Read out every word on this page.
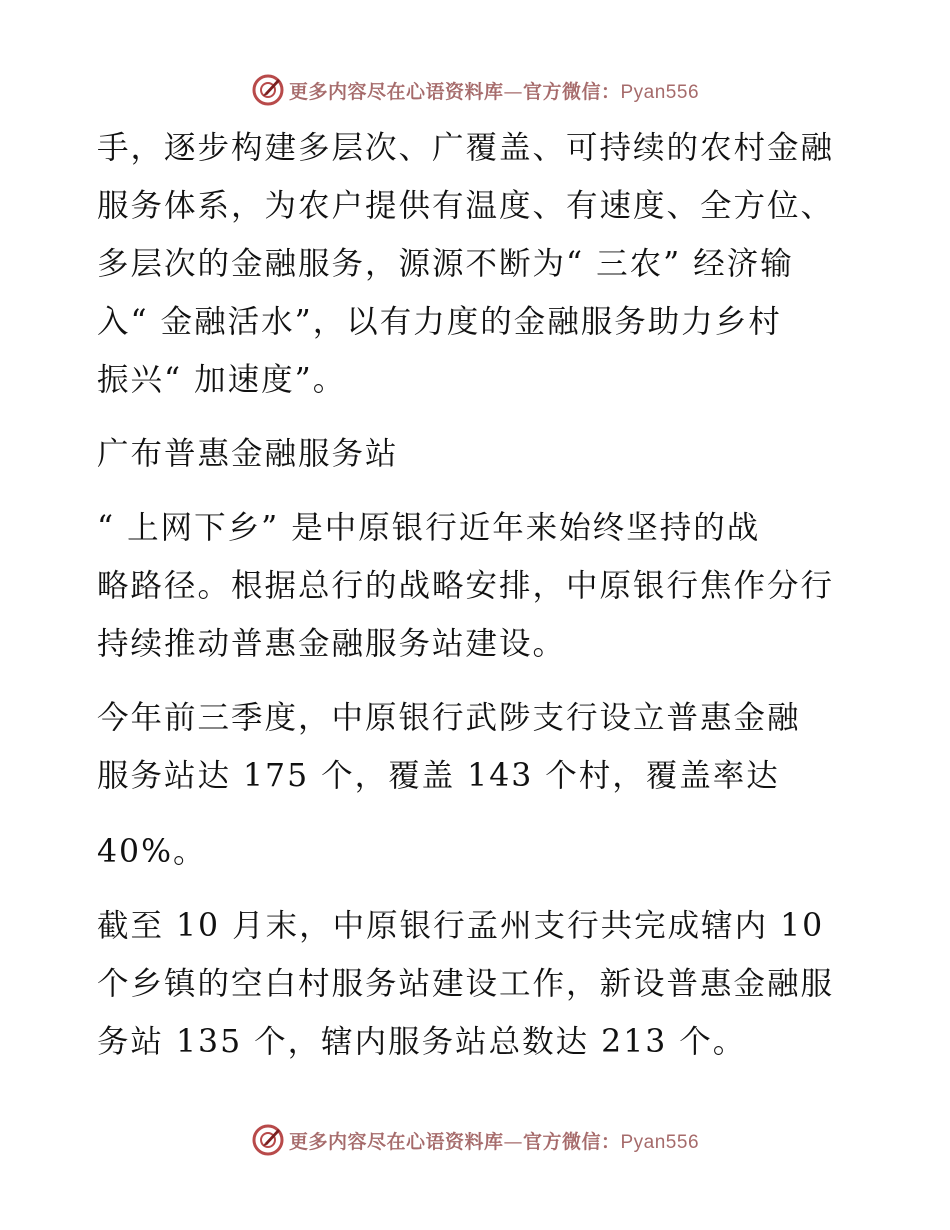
更多内容尽在心语资料库—官方微信：Pyan556
手，逐步构建多层次、广覆盖、可持续的农村金融
服务体系，为农户提供有温度、有速度、全方位、
多层次的金融服务，源源不断为“ 三农” 经济输
入“ 金融活水”，以有力度的金融服务助力乡村
振兴“ 加速度”。
广布普惠金融服务站
“ 上网下乡” 是中原银行近年来始终坚持的战
略路径。根据总行的战略安排，中原银行焦作分行
持续推动普惠金融服务站建设。
今年前三季度，中原银行武陟支行设立普惠金融
服务站达 175 个，覆盖 143 个村，覆盖率达
40%。
截至 10 月末，中原银行孟州支行共完成辖内 10
个乡镇的空白村服务站建设工作，新设普惠金融服
务站 135 个，辖内服务站总数达 213 个。
更多内容尽在心语资料库—官方微信：Pyan556
